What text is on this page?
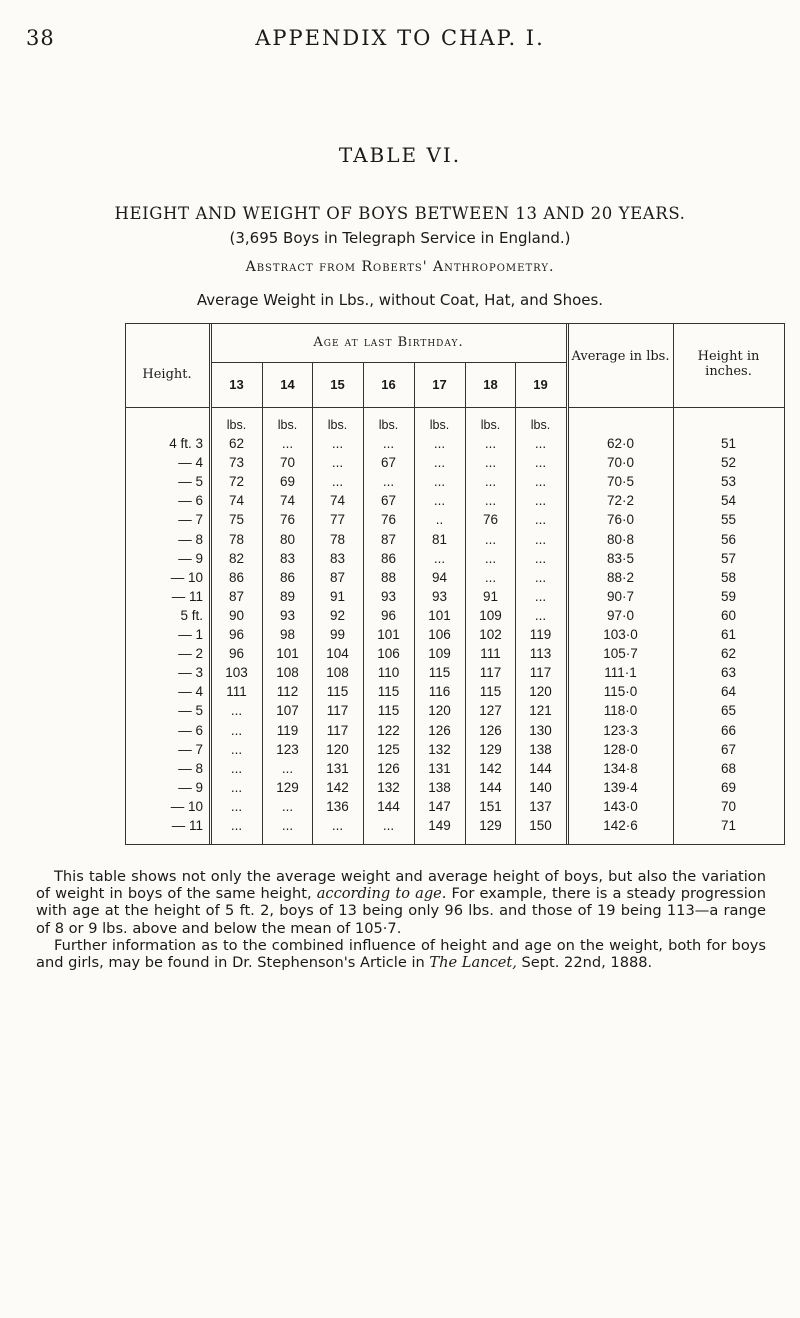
38	APPENDIX TO CHAP. I.
TABLE VI.
HEIGHT AND WEIGHT OF BOYS BETWEEN 13 AND 20 YEARS.
(3,695 Boys in Telegraph Service in England.)
Abstract from Roberts' Anthropometry.
Average Weight in Lbs., without Coat, Hat, and Shoes.
Height.
Age at last Birthday.
Average in lbs.	Height in inches.
13	14	15	16	17	18	19
lbs.	lbs.	lbs.	lbs.	lbs.	lbs.	lbs.
4 ft. 3	62	...	...	...	...	...	...	62·0	51
— 4	73	70	...	67	...	...	...	70·0	52
— 5	72	69	...	...	...	...	...	70·5	53
— 6	74	74	74	67	...	...	...	72·2	54
— 7	75	76	77	76	..	76	...	76·0	55
— 8	78	80	78	87	81	...	...	80·8	56
— 9	82	83	83	86	...	...	...	83·5	57
— 10	86	86	87	88	94	...	...	88·2	58
— 11	87	89	91	93	93	91	...	90·7	59
5 ft.	90	93	92	96	101	109	...	97·0	60
— 1	96	98	99	101	106	102	119	103·0	61
— 2	96	101	104	106	109	111	113	105·7	62
— 3	103	108	108	110	115	117	117	111·1	63
— 4	111	112	115	115	116	115	120	115·0	64
— 5	...	107	117	115	120	127	121	118·0	65
— 6	...	119	117	122	126	126	130	123·3	66
— 7	...	123	120	125	132	129	138	128·0	67
— 8	...	...	131	126	131	142	144	134·8	68
— 9	...	129	142	132	138	144	140	139·4	69
— 10	...	...	136	144	147	151	137	143·0	70
— 11	...	...	...	...	149	129	150	142·6	71

This table shows not only the average weight and average height of boys, but also the variation of weight in boys of the same height, according to age. For example, there is a steady progression with age at the height of 5 ft. 2, boys of 13 being only 96 lbs. and those of 19 being 113—a range of 8 or 9 lbs. above and below the mean of 105·7.

Further information as to the combined influence of height and age on the weight, both for boys and girls, may be found in Dr. Stephenson's Article in The Lancet, Sept. 22nd, 1888.
